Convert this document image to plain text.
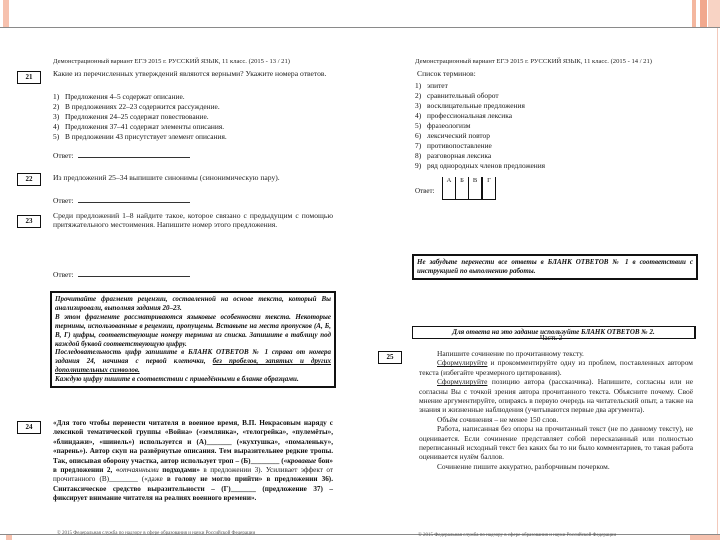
Демонстрационный вариант ЕГЭ 2015 г. РУССКИЙ ЯЗЫК, 11 класс. (2015 - 13 / 21)
21	Какие из перечисленных утверждений являются верными? Укажите номера ответов.
1) Предложения 4–5 содержат описание.
2) В предложениях 22–23 содержится рассуждение.
3) Предложения 24–25 содержат повествование.
4) Предложения 37–41 содержат элементы описания.
5) В предложении 43 присутствует элемент описания.
Ответ:
22	Из предложений 25–34 выпишите синонимы (синонимическую пару).
Ответ:
23
Среди предложений 1–8 найдите такое, которое связано с предыдущим с помощью притяжательного местоимения. Напишите номер этого предложения.
Ответ:

Прочитайте фрагмент рецензии, составленной на основе текста, который Вы анализировали, выполняя задания 20–23.

В этом фрагменте рассматриваются языковые особенности текста. Некоторые термины, использованные в рецензии, пропущены. Вставьте на места пропусков (А, Б, В, Г) цифры, соответствующие номеру термина из списка. Запишите в таблицу под каждой буквой соответствующую цифру.

Последовательность цифр запишите в БЛАНК ОТВЕТОВ № 1 справа от номера задания 24, начиная с первой клеточки, без пробелов, запятых и других дополнительных символов.

Каждую цифру пишите в соответствии с приведёнными в бланке образцами.

24	«Для того чтобы перенести читателя в военное время, В.П. Некрасовым наряду с лексикой тематической группы «Война» («землянка», «телогрейка», «пулемёты», «блиндажи», «шинель») используется и (А)_______ («кухтушка», «помаленьку», «парень»). Автор скуп на развёрнутые описания. Тем выразительнее редкие тропы. Так, описывая оборону участка, автор использует троп – (Б)________ («кровавые бои» в предложении 2, «отчаянными подходами» в предложении 3). Усиливает эффект от прочитанного (В)________ («даже в голову не могло прийти» в предложении 36). Синтаксическое средство выразительности – (Г)_______ (предложение 37) – фиксирует внимание читателя на реалиях военного времени».
© 2015 Федеральная служба по надзору в сфере образования и науки Российской Федерации
Демонстрационный вариант ЕГЭ 2015 г. РУССКИЙ ЯЗЫК, 11 класс. (2015 - 14 / 21)
Список терминов:
1) эпитет
2) сравнительный оборот
3) восклицательные предложения
4) профессиональная лексика
5) фразеологизм
6) лексический повтор
7) противопоставление
8) разговорная лексика
9) ряд однородных членов предложения
Ответ:
А	Б	В	Г
Не забудьте перенести все ответы в БЛАНК ОТВЕТОВ № 1 в соответствии с инструкцией по выполнению работы.
Часть 2
Для ответа на это задание используйте БЛАНК ОТВЕТОВ № 2.
25	Напишите сочинение по прочитанному тексту.
Сформулируйте и прокомментируйте одну из проблем, поставленных автором текста (избегайте чрезмерного цитирования).
Сформулируйте позицию автора (рассказчика). Напишите, согласны или не согласны Вы с точкой зрения автора прочитанного текста. Объясните почему. Своё мнение аргументируйте, опираясь в первую очередь на читательский опыт, а также на знания и жизненные наблюдения (учитываются первые два аргумента).
Объём сочинения – не менее 150 слов.
Работа, написанная без опоры на прочитанный текст (не по данному тексту), не оценивается. Если сочинение представляет собой пересказанный или полностью переписанный исходный текст без каких бы то ни было комментариев, то такая работа оценивается нулём баллов.
Сочинение пишите аккуратно, разборчивым почерком.
© 2015 Федеральная служба по надзору в сфере образования и науки Российской Федерации
